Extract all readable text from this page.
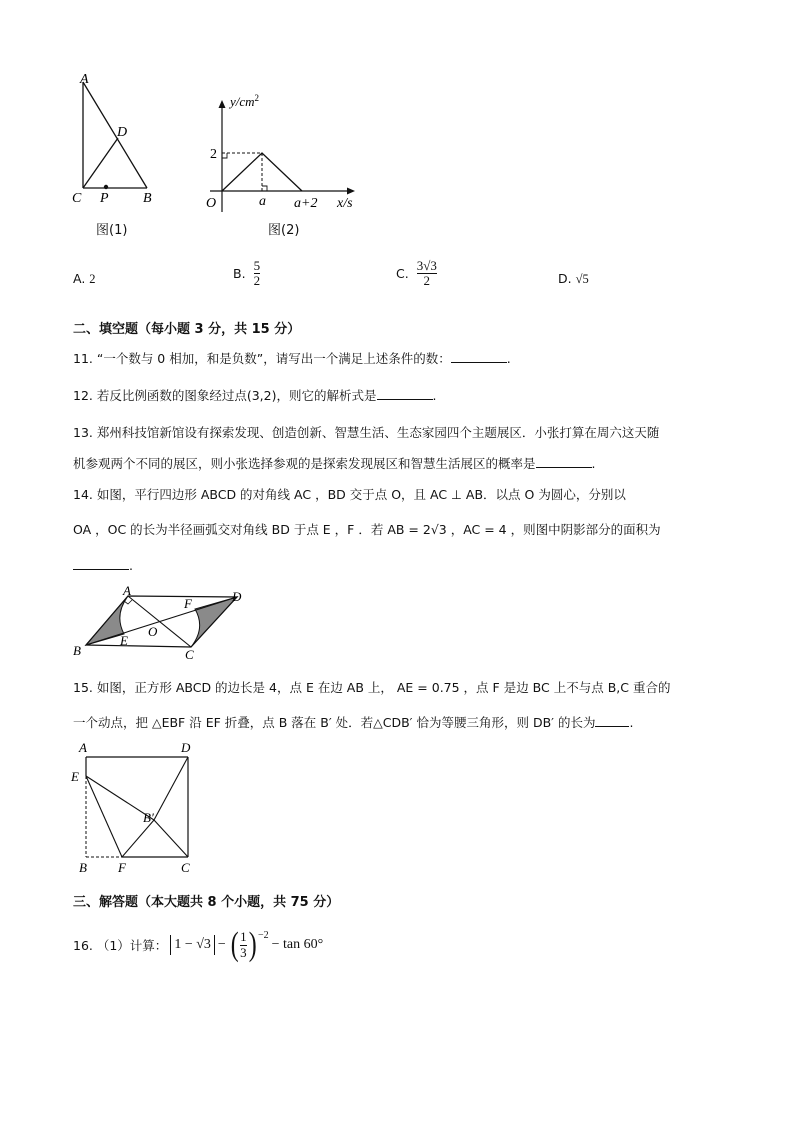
A
D
C P B
图(1)
$y/cm^2$
2
O	a a+2 x/s
图(2)
A. 2	B. $\frac{5}{2}$	C. $\frac{3√3}{2}$	D. √5
二、填空题（每小题 3 分，共 15 分）
11. “一个数与 0 相加，和是负数”，请写出一个满足上述条件的数：	.
12. 若反比例函数的图象经过点(3,2)，则它的解析式是	.
13. 郑州科技馆新馆设有探索发现、创造创新、智慧生活、生态家园四个主题展区．小张打算在周六这天随
机参观两个不同的展区，则小张选择参观的是探索发现展区和智慧生活展区的概率是	.
14. 如图，平行四边形 ABCD 的对角线 AC ，BD 交于点 O，且 AC ⊥ AB．以点 O 为圆心，分别以
OA ，OC 的长为半径画弧交对角线 BD 于点 E ，F ．若 AB = 2√3 ，AC = 4 ，则图中阴影部分的面积为
.
A
F	D
O
B
E
C
15. 如图，正方形 ABCD 的边长是 4，点 E 在边 AB 上， AE = 0.75 ，点 F 是边 BC 上不与点 B,C 重合的
一个动点，把 △EBF 沿 EF 折叠，点 B 落在 B′ 处．若△CDB′ 恰为等腰三角形，则 DB′ 的长为	.
A	D
E
B′
B F	C
三、解答题（本大题共 8 个小题，共 75 分）
16. （1）计算： 1 − √3 − ( $\frac{1}{3} )^{-2}$
− tan 60°
